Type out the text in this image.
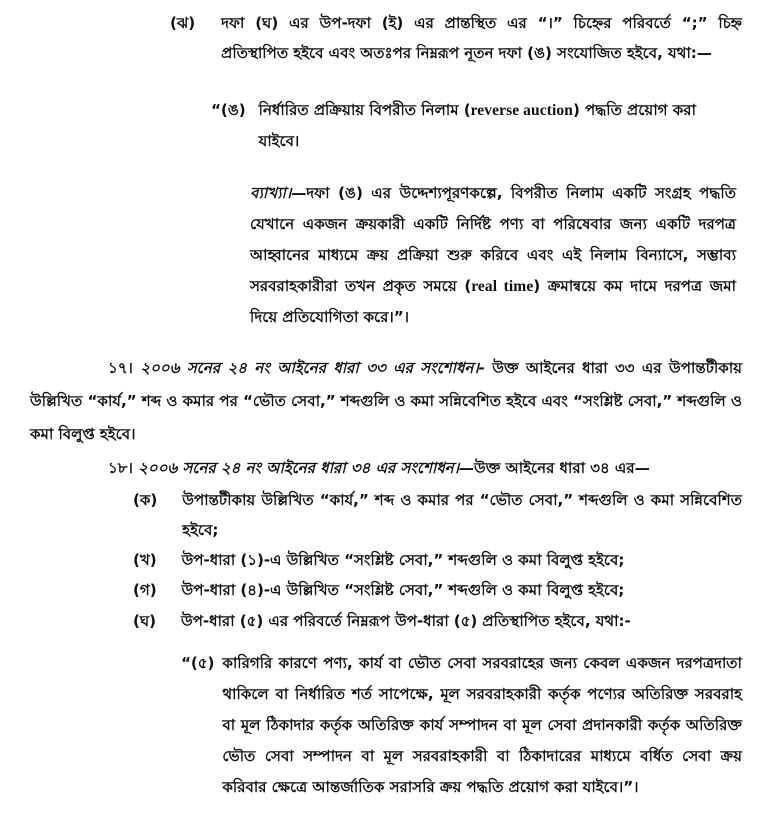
(ঝ) দফা (ঘ) এর উপ-দফা (ই) এর প্রান্তস্থিত এর “।” চিহ্নের পরিবর্তে “;” চিহ্ন প্রতিস্থাপিত হইবে এবং অতঃপর নিম্নরূপ নূতন দফা (ঙ) সংযোজিত হইবে, যথা:—
“(ঙ) নির্ধারিত প্রক্রিয়ায় বিপরীত নিলাম (reverse auction) পদ্ধতি প্রয়োগ করা যাইবে।
ব্যাখ্যা।—দফা (ঙ) এর উদ্দেশ্যপূরণকল্পে, বিপরীত নিলাম একটি সংগ্রহ পদ্ধতি যেখানে একজন ক্রয়কারী একটি নির্দিষ্ট পণ্য বা পরিষেবার জন্য একটি দরপত্র আহ্বানের মাধ্যমে ক্রয় প্রক্রিয়া শুরু করিবে এবং এই নিলাম বিন্যাসে, সম্ভাব্য সরবরাহকারীরা তখন প্রকৃত সময়ে (real time) ক্রমান্বয়ে কম দামে দরপত্র জমা দিয়ে প্রতিযোগিতা করে।”।
১৭। ২০০৬ সনের ২৪ নং আইনের ধারা ৩৩ এর সংশোধন।- উক্ত আইনের ধারা ৩৩ এর উপান্তটীকায় উল্লিখিত “কার্য,” শব্দ ও কমার পর “ভৌত সেবা,” শব্দগুলি ও কমা সন্নিবেশিত হইবে এবং “সংশ্লিষ্ট সেবা,” শব্দগুলি ও কমা বিলুপ্ত হইবে।
১৮। ২০০৬ সনের ২৪ নং আইনের ধারা ৩৪ এর সংশোধন।—উক্ত আইনের ধারা ৩৪ এর—
(ক) উপান্তটীকায় উল্লিখিত “কার্য,” শব্দ ও কমার পর “ভৌত সেবা,” শব্দগুলি ও কমা সন্নিবেশিত হইবে;
(খ) উপ-ধারা (১)-এ উল্লিখিত “সংশ্লিষ্ট সেবা,” শব্দগুলি ও কমা বিলুপ্ত হইবে;
(গ) উপ-ধারা (৪)-এ উল্লিখিত “সংশ্লিষ্ট সেবা,” শব্দগুলি ও কমা বিলুপ্ত হইবে;
(ঘ) উপ-ধারা (৫) এর পরিবর্তে নিম্নরূপ উপ-ধারা (৫) প্রতিস্থাপিত হইবে, যথা:-
“(৫) কারিগরি কারণে পণ্য, কার্য বা ভৌত সেবা সরবরাহের জন্য কেবল একজন দরপত্রদাতা থাকিলে বা নির্ধারিত শর্ত সাপেক্ষে, মূল সরবরাহকারী কর্তৃক পণ্যের অতিরিক্ত সরবরাহ বা মূল ঠিকাদার কর্তৃক অতিরিক্ত কার্য সম্পাদন বা মূল সেবা প্রদানকারী কর্তৃক অতিরিক্ত ভৌত সেবা সম্পাদন বা মূল সরবরাহকারী বা ঠিকাদারের মাধ্যমে বর্ধিত সেবা ক্রয় করিবার ক্ষেত্রে আন্তর্জাতিক সরাসরি ক্রয় পদ্ধতি প্রয়োগ করা যাইবে।”।
